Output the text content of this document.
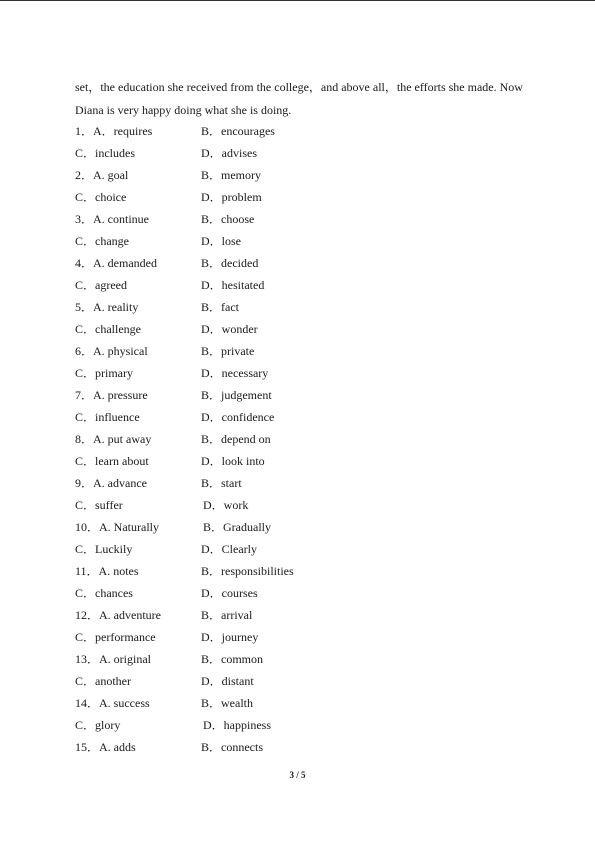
set，the education she received from the college，and above all，the efforts she made. Now
Diana is very happy doing what she is doing.
1．A．requires	B．encourages
C．includes	D．advises
2．A. goal	B．memory
C．choice	D．problem
3．A. continue	B．choose
C．change	D．lose
4．A. demanded	B．decided
C．agreed	D．hesitated
5．A. reality	B．fact
C．challenge	D．wonder
6．A. physical	B．private
C．primary	D．necessary
7．A. pressure	B．judgement
C．influence	D．confidence
8．A. put away	B．depend on
C．learn about	D．look into
9．A. advance	B．start
C．suffer	D．work
10．A. Naturally	B．Gradually
C．Luckily	D．Clearly
11．A. notes	B．responsibilities
C．chances	D．courses
12．A. adventure	B．arrival
C．performance	D．journey
13．A. original	B．common
C．another	D．distant
14．A. success	B．wealth
C．glory	D．happiness
15．A. adds	B．connects
3 / 5
